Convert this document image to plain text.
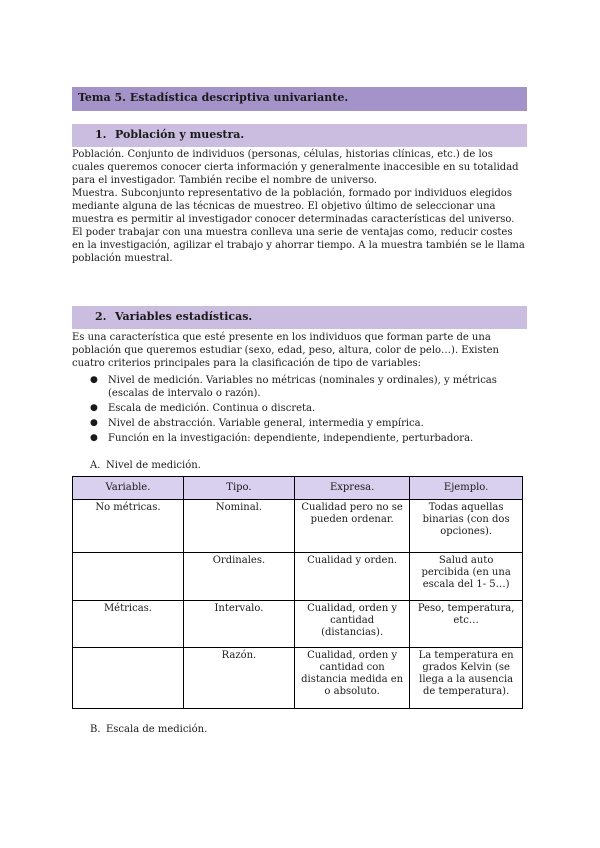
Tema 5. Estadística descriptiva univariante.
1. Población y muestra.

Población. Conjunto de individuos (personas, células, historias clínicas, etc.) de los cuales queremos conocer cierta información y generalmente inaccesible en su totalidad para el investigador. También recibe el nombre de universo.

Muestra. Subconjunto representativo de la población, formado por individuos elegidos mediante alguna de las técnicas de muestreo. El objetivo último de seleccionar una muestra es permitir al investigador conocer determinadas características del universo. El poder trabajar con una muestra conlleva una serie de ventajas como, reducir costes en la investigación, agilizar el trabajo y ahorrar tiempo. A la muestra también se le llama población muestral.

2. Variables estadísticas.
Es una característica que esté presente en los individuos que forman parte de una población que queremos estudiar (sexo, edad, peso, altura, color de pelo…). Existen cuatro criterios principales para la clasificación de tipo de variables:
● Nivel de medición. Variables no métricas (nominales y ordinales), y métricas (escalas de intervalo o razón).
● Escala de medición. Continua o discreta.
● Nivel de abstracción. Variable general, intermedia y empírica.
● Función en la investigación: dependiente, independiente, perturbadora.
A. Nivel de medición.
Variable.	Tipo.	Expresa.	Ejemplo.
No métricas.	Nominal.	Cualidad pero no se pueden ordenar.	Todas aquellas binarias (con dos opciones).
	Ordinales.	Cualidad y orden.	Salud auto percibida (en una escala del 1- 5…)
Métricas.	Intervalo.	Cualidad, orden y cantidad (distancias).	Peso, temperatura, etc…
	Razón.	Cualidad, orden y cantidad con distancia medida en o absoluto.	La temperatura en grados Kelvin (se llega a la ausencia de temperatura).
B. Escala de medición.
